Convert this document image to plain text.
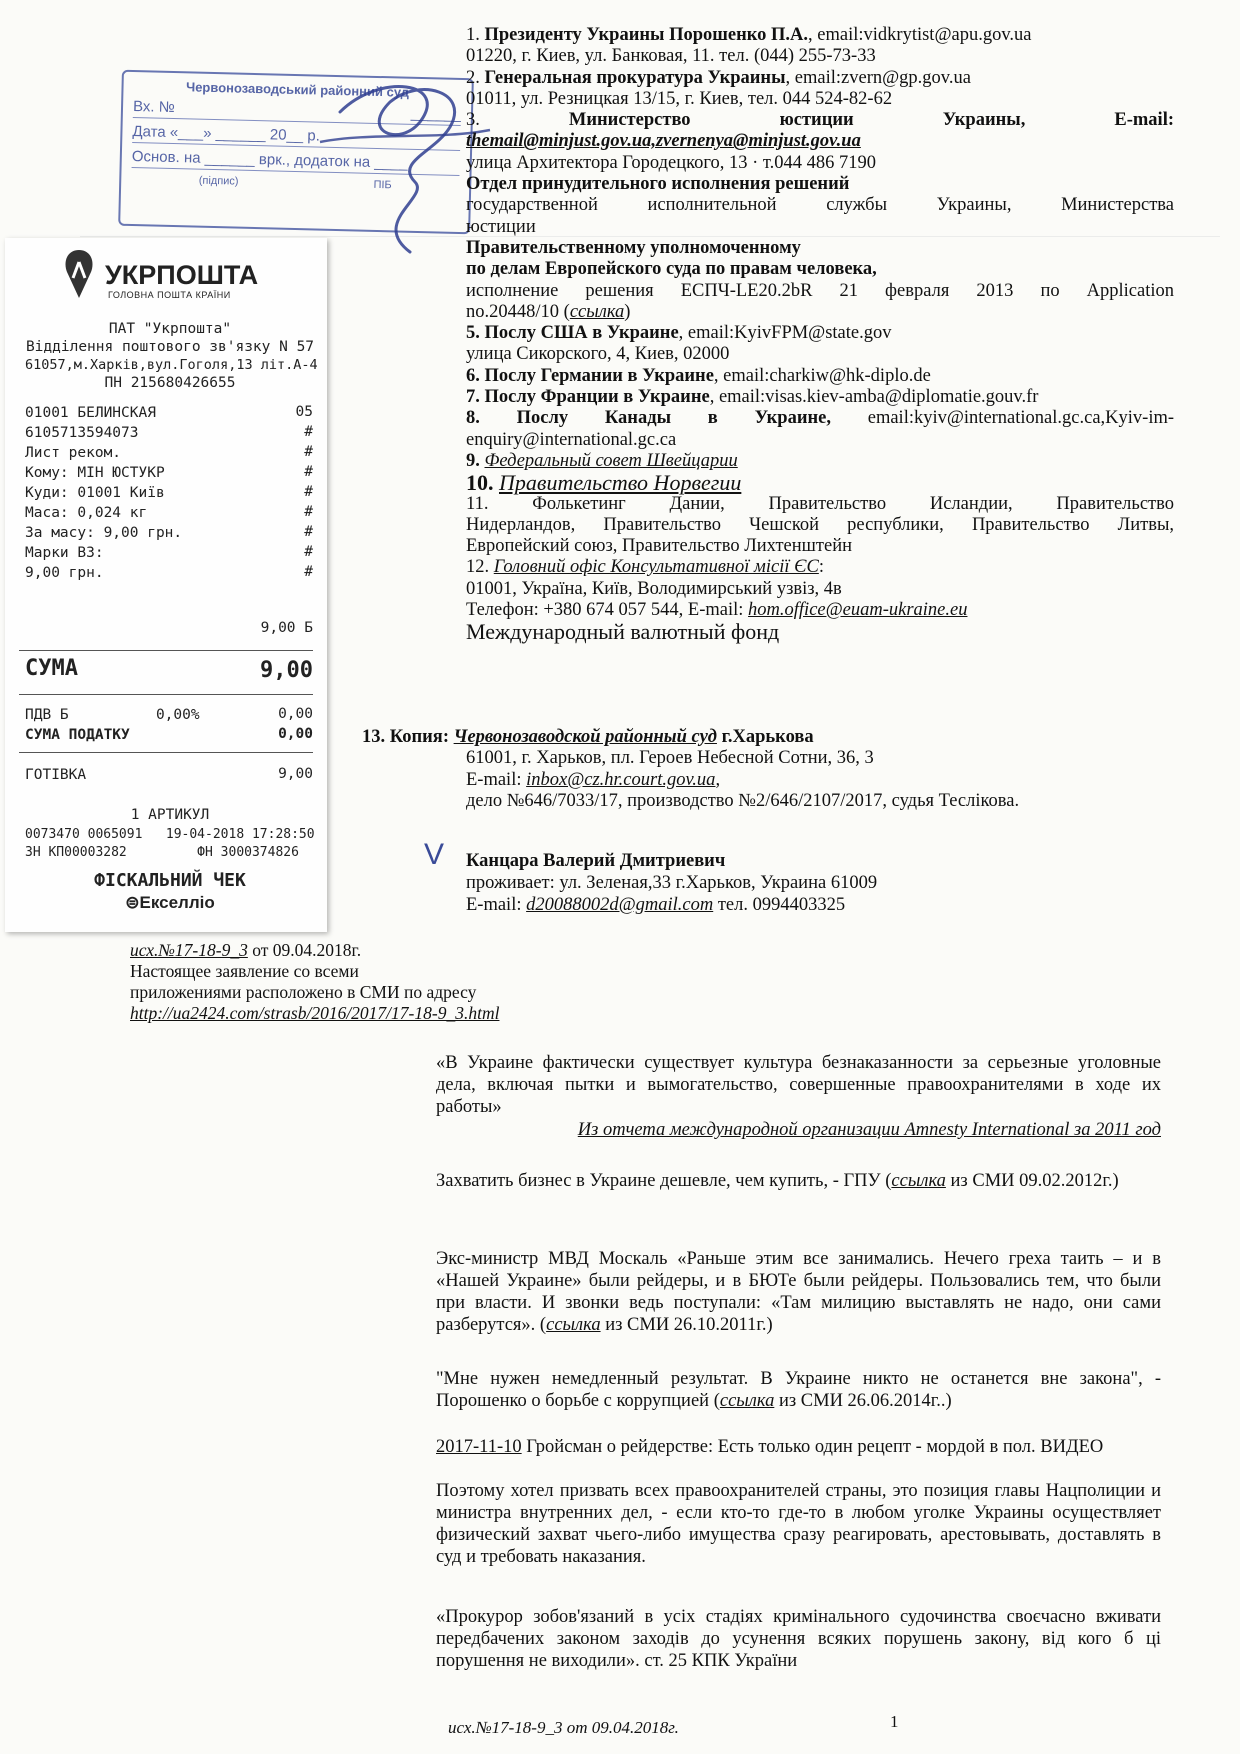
Червонозаводський районний суд
Вх. №	______
Дата «___» ______ 20__ р.
Основ. на ______ врк., додаток на ____
(підпис)	ПІБ
УКРПОШТА
ГОЛОВНА ПОШТА КРАЇНИ
ПАТ "Укрпошта"
Відділення поштового зв'язку N 57
61057,м.Харків,вул.Гоголя,13 літ.А-4
ПН 215680426655
01001 БЕЛИНСКАЯ	05
6105713594073	#
Лист реком.	#
Кому: МІН ЮСТУКР	#
Куди: 01001 Київ	#
Маса: 0,024 кг	#
За масу: 9,00 грн.	#
Марки ВЗ:	#
9,00 грн.	#
9,00 Б
СУМА	9,00
ПДВ Б          0,00%	0,00
СУМА ПОДАТКУ	0,00
ГОТІВКА	9,00
1 АРТИКУЛ
0073470 0065091   19-04-2018 17:28:50
ЗН КП00003282         ФН 3000374826
ФІСКАЛЬНИЙ ЧЕК
⊜Екселліо

1. Президенту Украины Порошенко П.А., email:vidkrytist@apu.gov.ua

01220, г. Киев, ул. Банковая, 11. тел. (044) 255-73-33

2. Генеральная прокуратура Украины, email:zvern@gp.gov.ua

01011, ул. Резницкая 13/15, г. Киев, тел. 044 524-82-62

3.	Министерство	юстиции	Украины,	E-mail:

themail@minjust.gov.ua,zvernenya@minjust.gov.ua

улица Архитектора Городецкого, 13 · т.044 486 7190

Отдел принудительного исполнения решений

государственной исполнительной службы Украины, Министерства

юстиции

Правительственному уполномоченному

по делам Европейского суда по правам человека,

исполнение решения ЕСПЧ-LE20.2bR 21 февраля 2013 по Application

no.20448/10 (ссылка)

5. Послу США в Украине, email:KyivFPM@state.gov

улица Сикорского, 4, Киев, 02000

6. Послу Германии в Украине, email:charkiw@hk-diplo.de

7. Послу Франции в Украине, email:visas.kiev-amba@diplomatie.gouv.fr

8. Послу Канады в Украине, email:kyiv@international.gc.ca,Kyiv-im-

enquiry@international.gc.ca

9. Федеральный совет Швейцарии

10. Правительство Норвегии

11. Фолькетинг Дании, Правительство Исландии, Правительство

Нидерландов, Правительство Чешской республики, Правительство Литвы,

Европейский союз, Правительство Лихтенштейн

12. Головний офіс Консультативної місії ЄС:

01001, Україна, Київ, Володимирський узвіз, 4в

Телефон: +380 674 057 544, E-mail: hom.office@euam-ukraine.eu

Международный валютный фонд

13. Копия: Червонозаводской районный суд г.Харькова
61001, г. Харьков, пл. Героев Небесной Сотни, 36, 3
E-mail: inbox@cz.hr.court.gov.ua,
дело №646/7033/17, производство №2/646/2107/2017, судья Теслікова.
V Канцара Валерий Дмитриевич
проживает: ул. Зеленая,33 г.Харьков, Украина 61009
E-mail: d20088002d@gmail.com тел. 0994403325
исх.№17-18-9_3 от 09.04.2018г.
Настоящее заявление со всеми
приложениями расположено в СМИ по адресу
http://ua2424.com/strasb/2016/2017/17-18-9_3.html
«В Украине фактически существует культура безнаказанности за серьезные уголовные дела, включая пытки и вымогательство, совершенные правоохранителями в ходе их работы»
Из отчета международной организации Amnesty International за 2011 год
Захватить бизнес в Украине дешевле, чем купить, - ГПУ (ссылка из СМИ 09.02.2012г.)
Экс-министр МВД Москаль «Раньше этим все занимались. Нечего греха таить – и в «Нашей Украине» были рейдеры, и в БЮТе были рейдеры. Пользовались тем, что были при власти. И звонки ведь поступали: «Там милицию выставлять не надо, они сами разберутся». (ссылка из СМИ 26.10.2011г.)
"Мне нужен немедленный результат. В Украине никто не останется вне закона", - Порошенко о борьбе с коррупцией (ссылка из СМИ 26.06.2014г..)
2017-11-10 Гройсман о рейдерстве: Есть только один рецепт - мордой в пол. ВИДЕО
Поэтому хотел призвать всех правоохранителей страны, это позиция главы Нацполиции и министра внутренних дел, - если кто-то где-то в любом уголке Украины осуществляет физический захват чьего-либо имущества сразу реагировать, арестовывать, доставлять в суд и требовать наказания.
«Прокурор зобов'язаний в усіх стадіях кримінального судочинства своєчасно вживати передбачених законом заходів до усунення всяких порушень закону, від кого б ці порушення не виходили». ст. 25 КПК України
исх.№17-18-9_3 от 09.04.2018г.	1
